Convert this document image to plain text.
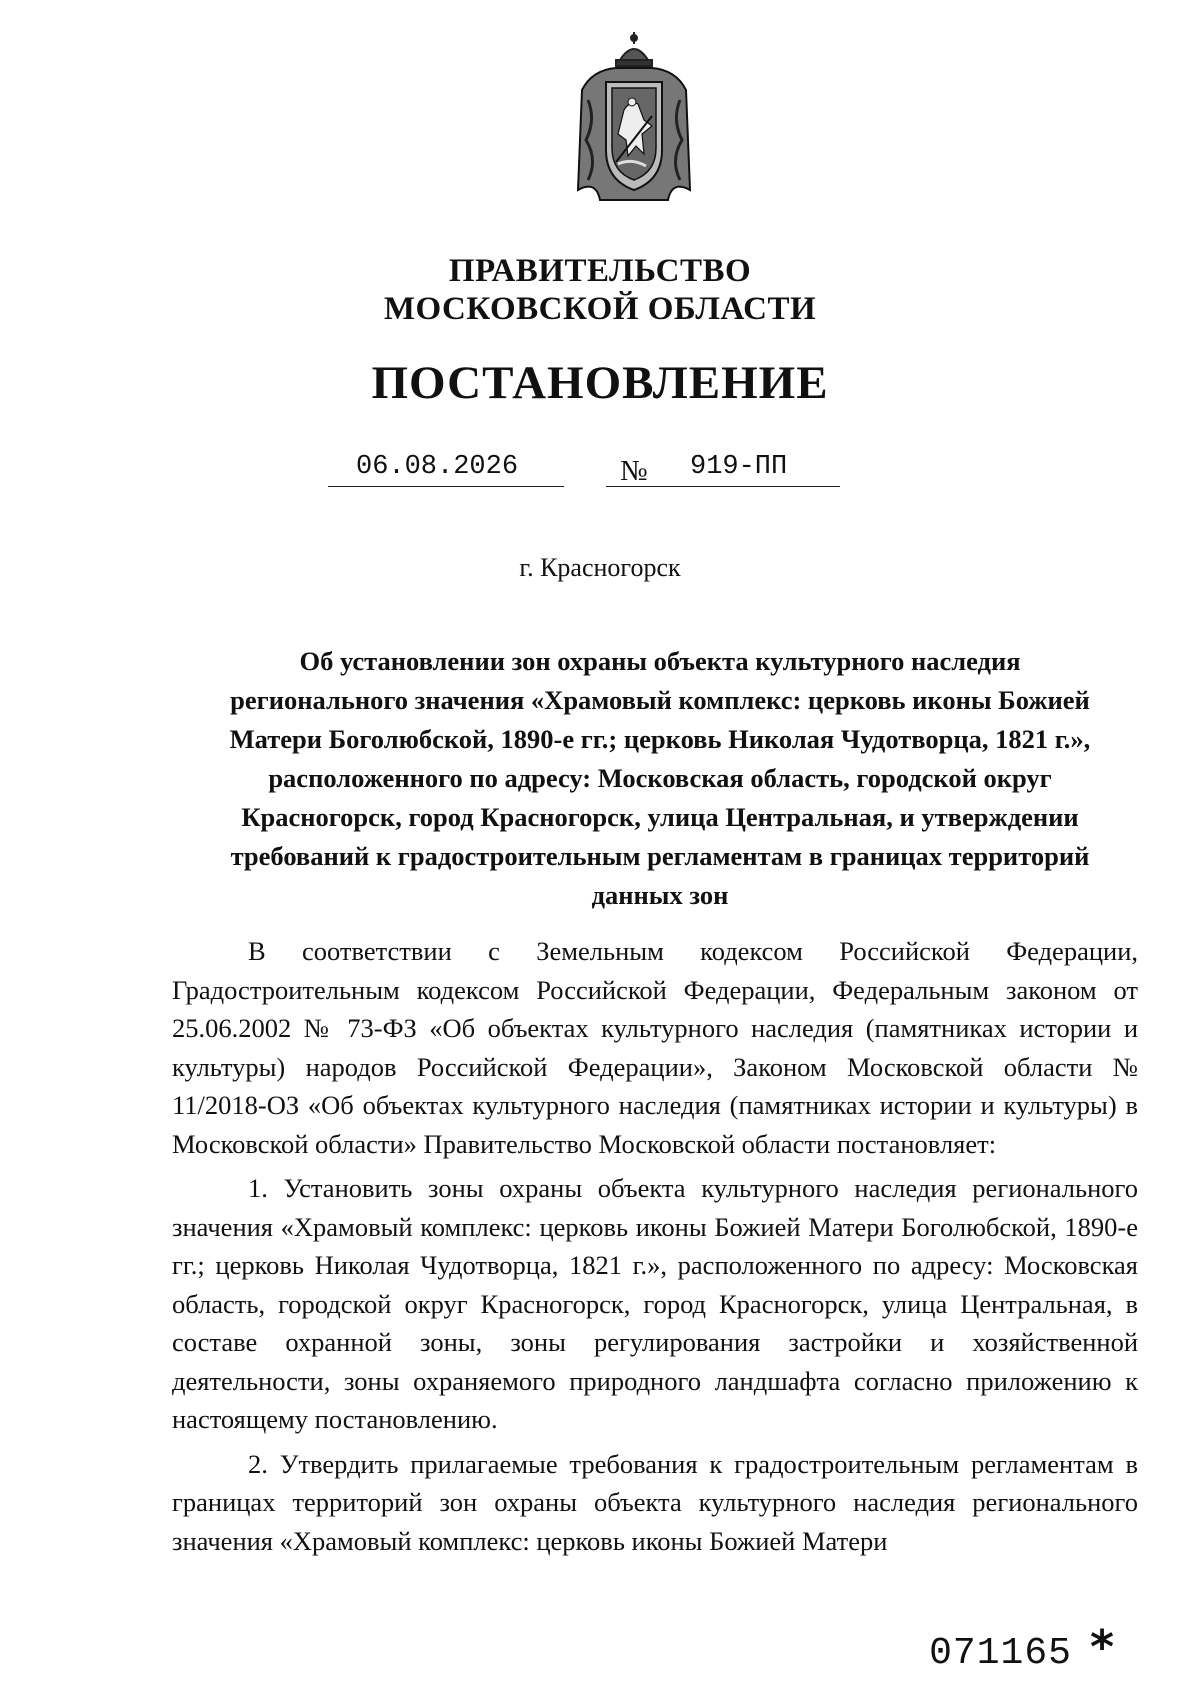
ПРАВИТЕЛЬСТВО
МОСКОВСКОЙ ОБЛАСТИ
ПОСТАНОВЛЕНИЕ
06.08.2026	№ 919-ПП
г. Красногорск
Об установлении зон охраны объекта культурного наследия регионального значения «Храмовый комплекс: церковь иконы Божией Матери Боголюбской, 1890-е гг.; церковь Николая Чудотворца, 1821 г.», расположенного по адресу: Московская область, городской округ Красногорск, город Красногорск, улица Центральная, и утверждении требований к градостроительным регламентам в границах территорий данных зон

В соответствии с Земельным кодексом Российской Федерации, Градостроительным кодексом Российской Федерации, Федеральным законом от 25.06.2002 № 73-ФЗ «Об объектах культурного наследия (памятниках истории и культуры) народов Российской Федерации», Законом Московской области № 11/2018-ОЗ «Об объектах культурного наследия (памятниках истории и культуры) в Московской области» Правительство Московской области постановляет:

1. Установить зоны охраны объекта культурного наследия регионального значения «Храмовый комплекс: церковь иконы Божией Матери Боголюбской, 1890-е гг.; церковь Николая Чудотворца, 1821 г.», расположенного по адресу: Московская область, городской округ Красногорск, город Красногорск, улица Центральная, в составе охранной зоны, зоны регулирования застройки и хозяйственной деятельности, зоны охраняемого природного ландшафта согласно приложению к настоящему постановлению.

2. Утвердить прилагаемые требования к градостроительным регламентам в границах территорий зон охраны объекта культурного наследия регионального значения «Храмовый комплекс: церковь иконы Божией Матери

071165 *
